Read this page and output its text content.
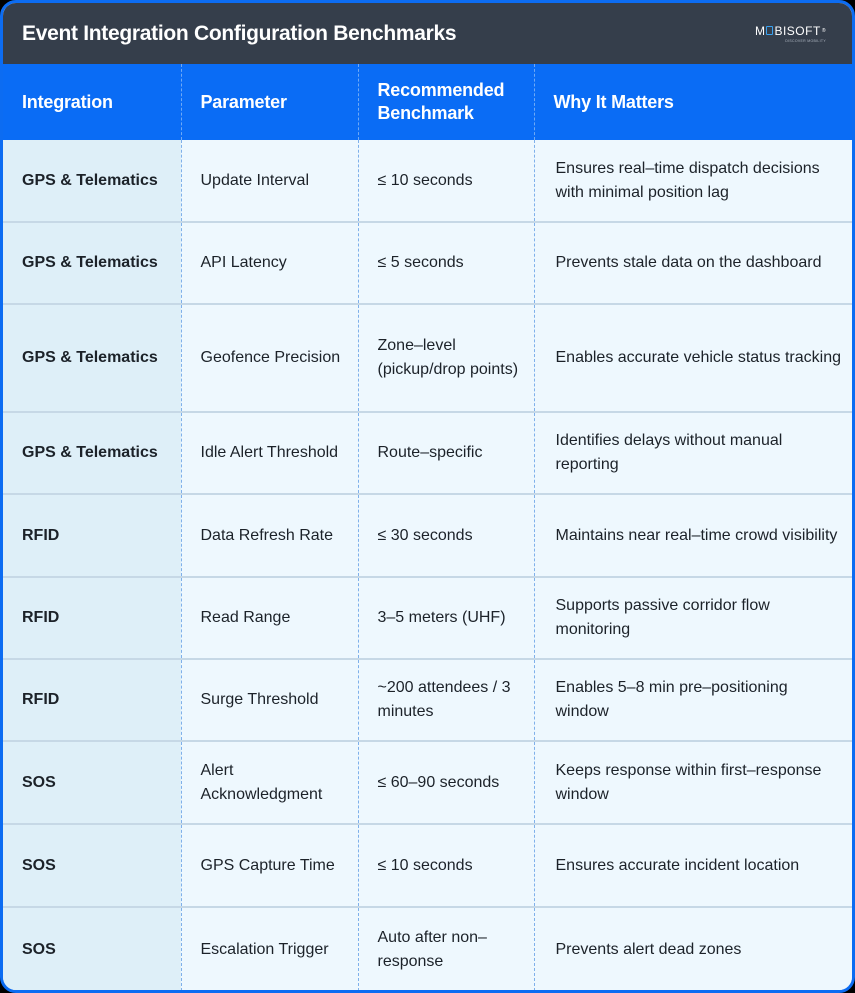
Event Integration Configuration Benchmarks	M BISOFT ®
DISCOVER MOBILITY
Integration	Parameter	Recommended Benchmark	Why It Matters
GPS & Telematics	Update Interval	≤ 10 seconds	Ensures real–time dispatch decisions with minimal position lag
GPS & Telematics	API Latency	≤ 5 seconds	Prevents stale data on the dashboard
GPS & Telematics	Geofence Precision	Zone–level (pickup/drop points)	Enables accurate vehicle status tracking
GPS & Telematics	Idle Alert Threshold	Route–specific	Identifies delays without manual reporting
RFID	Data Refresh Rate	≤ 30 seconds	Maintains near real–time crowd visibility
RFID	Read Range	3–5 meters (UHF)	Supports passive corridor flow monitoring
RFID	Surge Threshold	~200 attendees / 3 minutes	Enables 5–8 min pre–positioning window
SOS	Alert Acknowledgment	≤ 60–90 seconds	Keeps response within first–response window
SOS	GPS Capture Time	≤ 10 seconds	Ensures accurate incident location
SOS	Escalation Trigger	Auto after non–response	Prevents alert dead zones
